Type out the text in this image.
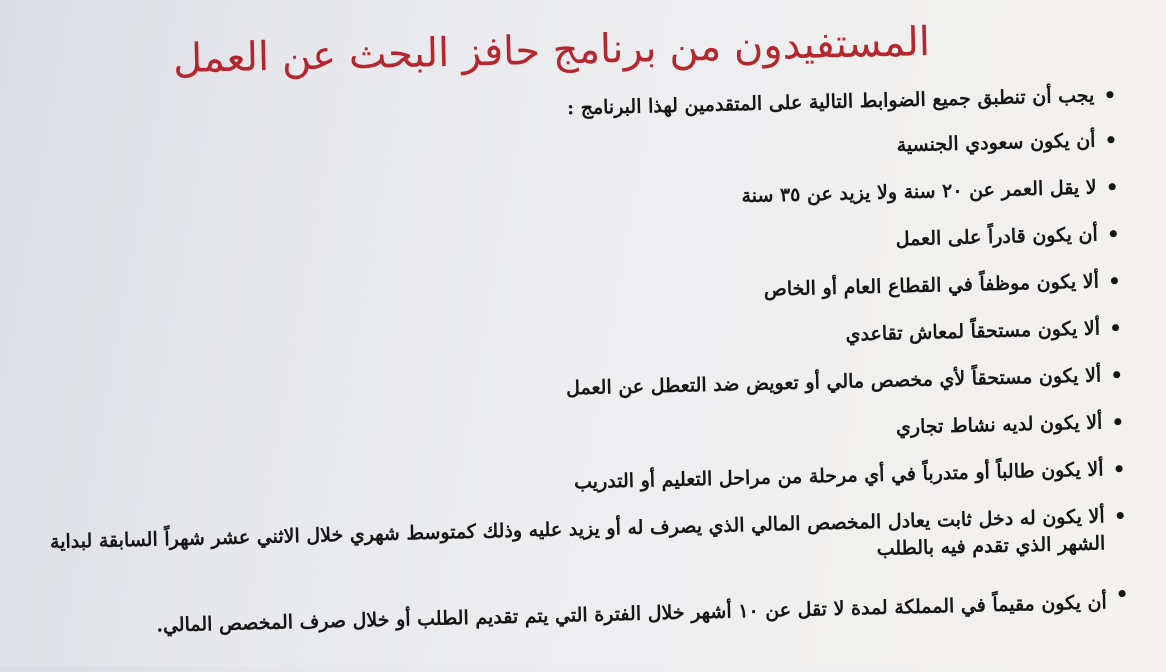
المستفيدون من برنامج حافز البحث عن العمل
•
يجب أن تنطبق جميع الضوابط التالية على المتقدمين لهذا البرنامج :
•
أن يكون سعودي الجنسية
•
لا يقل العمر عن ٢٠ سنة ولا يزيد عن ٣٥ سنة
•
أن يكون قادراً على العمل
•
ألا يكون موظفاً في القطاع العام أو الخاص
•
ألا يكون مستحقاً لمعاش تقاعدي
•
ألا يكون مستحقاً لأي مخصص مالي أو تعويض ضد التعطل عن العمل
•
ألا يكون لديه نشاط تجاري
•
ألا يكون طالباً أو متدرباً في أي مرحلة من مراحل التعليم أو التدريب
•
ألا يكون له دخل ثابت يعادل المخصص المالي الذي يصرف له أو يزيد عليه وذلك كمتوسط شهري خلال الاثني عشر شهراً السابقة لبداية الشهر الذي تقدم فيه بالطلب
•
أن يكون مقيماً في المملكة لمدة لا تقل عن ١٠ أشهر خلال الفترة التي يتم تقديم الطلب أو خلال صرف المخصص المالي.
